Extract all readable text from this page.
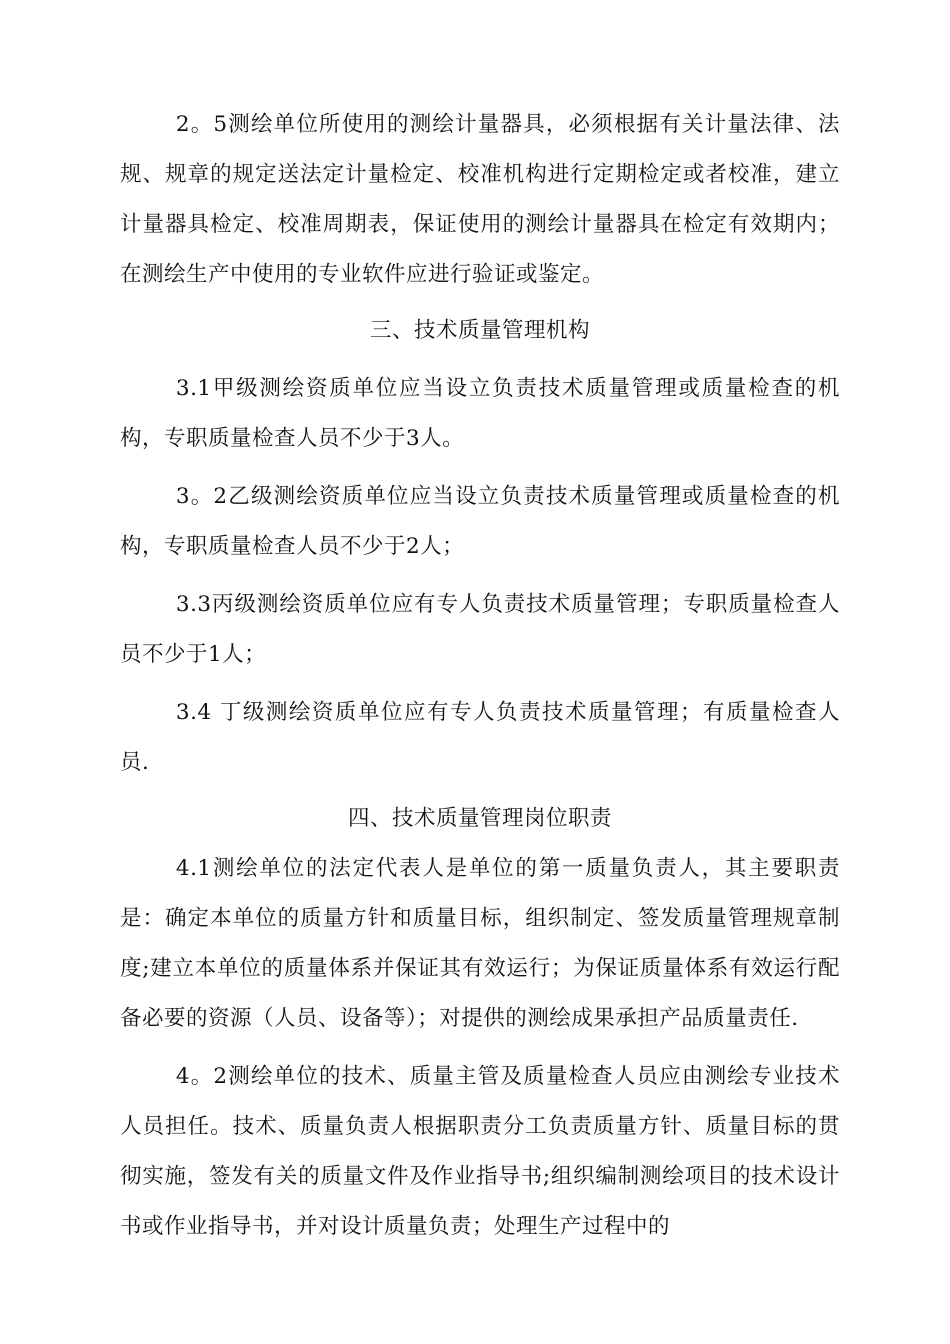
2。5测绘单位所使用的测绘计量器具，必须根据有关计量法律、法规、规章的规定送法定计量检定、校准机构进行定期检定或者校准，建立计量器具检定、校准周期表，保证使用的测绘计量器具在检定有效期内；在测绘生产中使用的专业软件应进行验证或鉴定。

三、技术质量管理机构

3.1甲级测绘资质单位应当设立负责技术质量管理或质量检查的机构，专职质量检查人员不少于3人。

3。2乙级测绘资质单位应当设立负责技术质量管理或质量检查的机构，专职质量检查人员不少于2人；

3.3丙级测绘资质单位应有专人负责技术质量管理；专职质量检查人员不少于1人；

3.4 丁级测绘资质单位应有专人负责技术质量管理；有质量检查人员.

四、技术质量管理岗位职责

4.1测绘单位的法定代表人是单位的第一质量负责人，其主要职责是：确定本单位的质量方针和质量目标，组织制定、签发质量管理规章制度;建立本单位的质量体系并保证其有效运行；为保证质量体系有效运行配备必要的资源（人员、设备等）；对提供的测绘成果承担产品质量责任.

4。2测绘单位的技术、质量主管及质量检查人员应由测绘专业技术人员担任。技术、质量负责人根据职责分工负责质量方针、质量目标的贯彻实施，签发有关的质量文件及作业指导书;组织编制测绘项目的技术设计书或作业指导书，并对设计质量负责；处理生产过程中的
